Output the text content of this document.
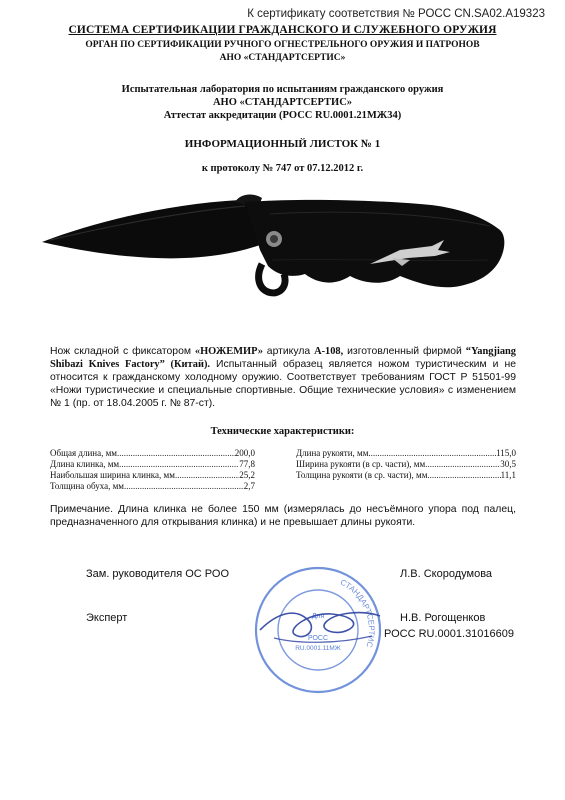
К сертификату соответствия № РОСС CN.SA02.A19323
СИСТЕМА СЕРТИФИКАЦИИ ГРАЖДАНСКОГО И СЛУЖЕБНОГО ОРУЖИЯ
ОРГАН ПО СЕРТИФИКАЦИИ РУЧНОГО ОГНЕСТРЕЛЬНОГО ОРУЖИЯ И ПАТРОНОВ
АНО «СТАНДАРТСЕРТИС»
Испытательная лаборатория по испытаниям гражданского оружия
АНО «СТАНДАРТСЕРТИС»
Аттестат аккредитации (РОСС RU.0001.21МЖ34)
ИНФОРМАЦИОННЫЙ ЛИСТОК № 1
к протоколу № 747 от 07.12.2012 г.
Нож складной с фиксатором «НОЖЕМИР» артикула А-108, изготовленный фирмой “Yangjiang Shibazi Knives Factory” (Китай). Испытанный образец является ножом туристическим и не относится к гражданскому холодному оружию. Соответствует требованиям ГОСТ Р 51501-99 «Ножи туристические и специальные спортивные. Общие технические условия» с изменением № 1 (пр. от 18.04.2005 г. № 87-ст).
Технические характеристики:
Общая длина, мм .....	200,0
Длина клинка, мм .....	77,8
Наибольшая ширина клинка, мм .....	25,2
Толщина обуха, мм .....	2,7
Длина рукояти, мм .....	115,0
Ширина рукояти (в ср. части), мм .....	30,5
Толщина рукояти (в ср. части), мм .....	11,1
Примечание. Длина клинка не более 150 мм (измерялась до несъёмного упора под палец, предназначенного для открывания клинка) и не превышает длины рукояти.
Зам. руководителя ОС РОО	Л.В. Скородумова
Эксперт	Н.В. Рогощенков
РОСС RU.0001.31016609
СТАНДАРТСЕРТИС
Для
РОСС
RU.0001.11МЖ
